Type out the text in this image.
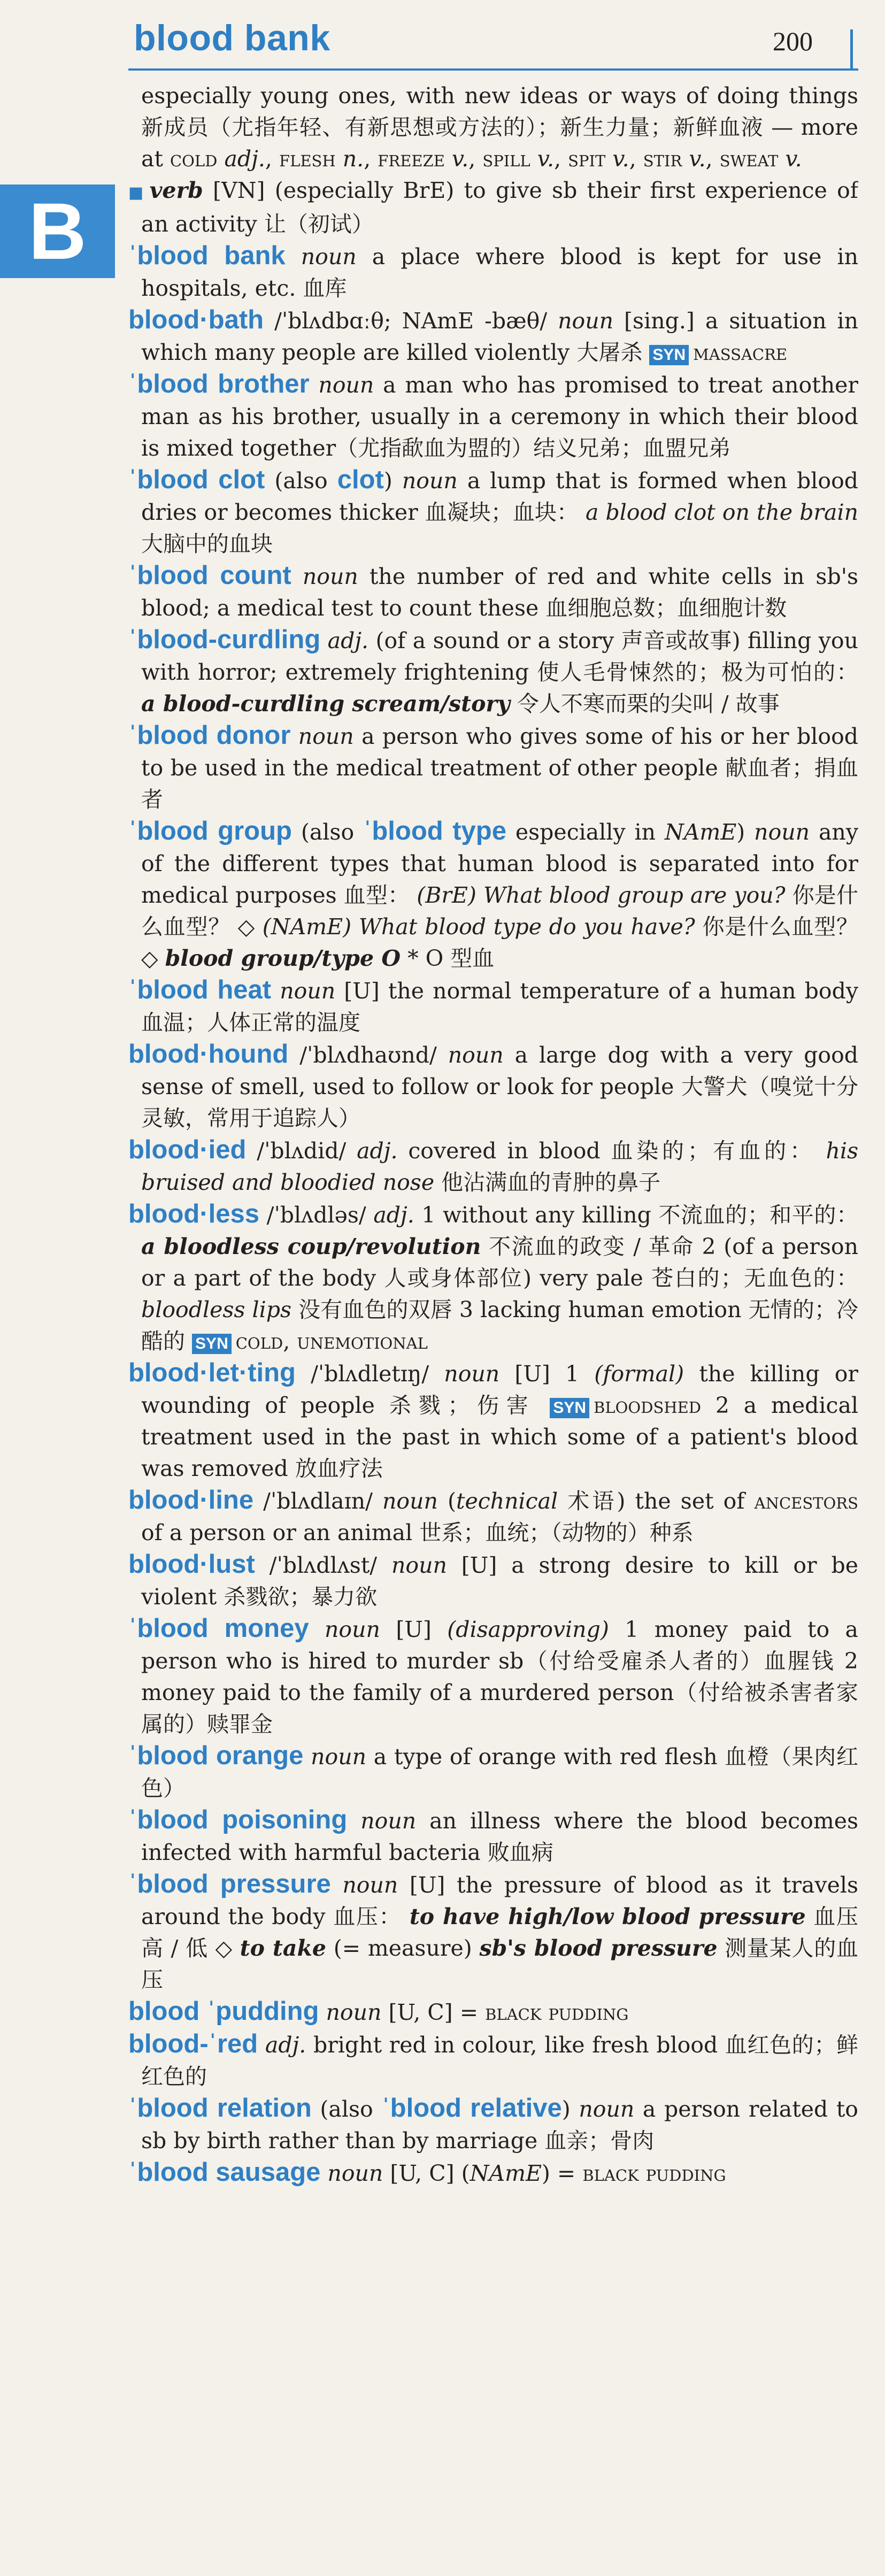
blood bank	200
B

especially young ones, with new ideas or ways of doing things 新成员（尤指年轻、有新思想或方法的）；新生力量；新鲜血液 — more at cold adj., flesh n., freeze v., spill v., spit v., stir v., sweat v.

■ verb [VN] (especially BrE) to give sb their first experience of an activity 让（初试）

ˈblood bank noun a place where blood is kept for use in hospitals, etc. 血库

blood·bath /ˈblʌdbɑːθ; NAmE -bæθ/ noun [sing.] a situation in which many people are killed violently 大屠杀 SYN massacre

ˈblood brother noun a man who has promised to treat another man as his brother, usually in a ceremony in which their blood is mixed together（尤指歃血为盟的）结义兄弟；血盟兄弟

ˈblood clot (also clot) noun a lump that is formed when blood dries or becomes thicker 血凝块；血块： a blood clot on the brain 大脑中的血块

ˈblood count noun the number of red and white cells in sb's blood; a medical test to count these 血细胞总数；血细胞计数

ˈblood-curdling adj. (of a sound or a story 声音或故事) filling you with horror; extremely frightening 使人毛骨悚然的；极为可怕的： a blood-curdling scream/story 令人不寒而栗的尖叫 / 故事

ˈblood donor noun a person who gives some of his or her blood to be used in the medical treatment of other people 献血者；捐血者

ˈblood group (also ˈblood type especially in NAmE) noun any of the different types that human blood is separated into for medical purposes 血型： (BrE) What blood group are you? 你是什么血型？ ◇ (NAmE) What blood type do you have? 你是什么血型？ ◇ blood group/type O * O 型血

ˈblood heat noun [U] the normal temperature of a human body 血温；人体正常的温度

blood·hound /ˈblʌdhaʊnd/ noun a large dog with a very good sense of smell, used to follow or look for people 大警犬（嗅觉十分灵敏，常用于追踪人）

blood·ied /ˈblʌdid/ adj. covered in blood 血染的；有血的： his bruised and bloodied nose 他沾满血的青肿的鼻子

blood·less /ˈblʌdləs/ adj. 1 without any killing 不流血的；和平的： a bloodless coup/revolution 不流血的政变 / 革命 2 (of a person or a part of the body 人或身体部位) very pale 苍白的；无血色的： bloodless lips 没有血色的双唇 3 lacking human emotion 无情的；冷酷的 SYN cold, unemotional

blood·let·ting /ˈblʌdletɪŋ/ noun [U] 1 (formal) the killing or wounding of people 杀戮；伤害 SYN bloodshed 2 a medical treatment used in the past in which some of a patient's blood was removed 放血疗法

blood·line /ˈblʌdlaɪn/ noun (technical 术语) the set of ancestors of a person or an animal 世系；血统；（动物的）种系

blood·lust /ˈblʌdlʌst/ noun [U] a strong desire to kill or be violent 杀戮欲；暴力欲

ˈblood money noun [U] (disapproving) 1 money paid to a person who is hired to murder sb（付给受雇杀人者的）血腥钱 2 money paid to the family of a murdered person（付给被杀害者家属的）赎罪金

ˈblood orange noun a type of orange with red flesh 血橙（果肉红色）

ˈblood poisoning noun an illness where the blood becomes infected with harmful bacteria 败血病

ˈblood pressure noun [U] the pressure of blood as it travels around the body 血压： to have high/low blood pressure 血压高 / 低 ◇ to take (= measure) sb's blood pressure 测量某人的血压

blood ˈpudding noun [U, C] = black pudding

blood-ˈred adj. bright red in colour, like fresh blood 血红色的；鲜红色的

ˈblood relation (also ˈblood relative) noun a person related to sb by birth rather than by marriage 血亲；骨肉

ˈblood sausage noun [U, C] (NAmE) = black pudding
